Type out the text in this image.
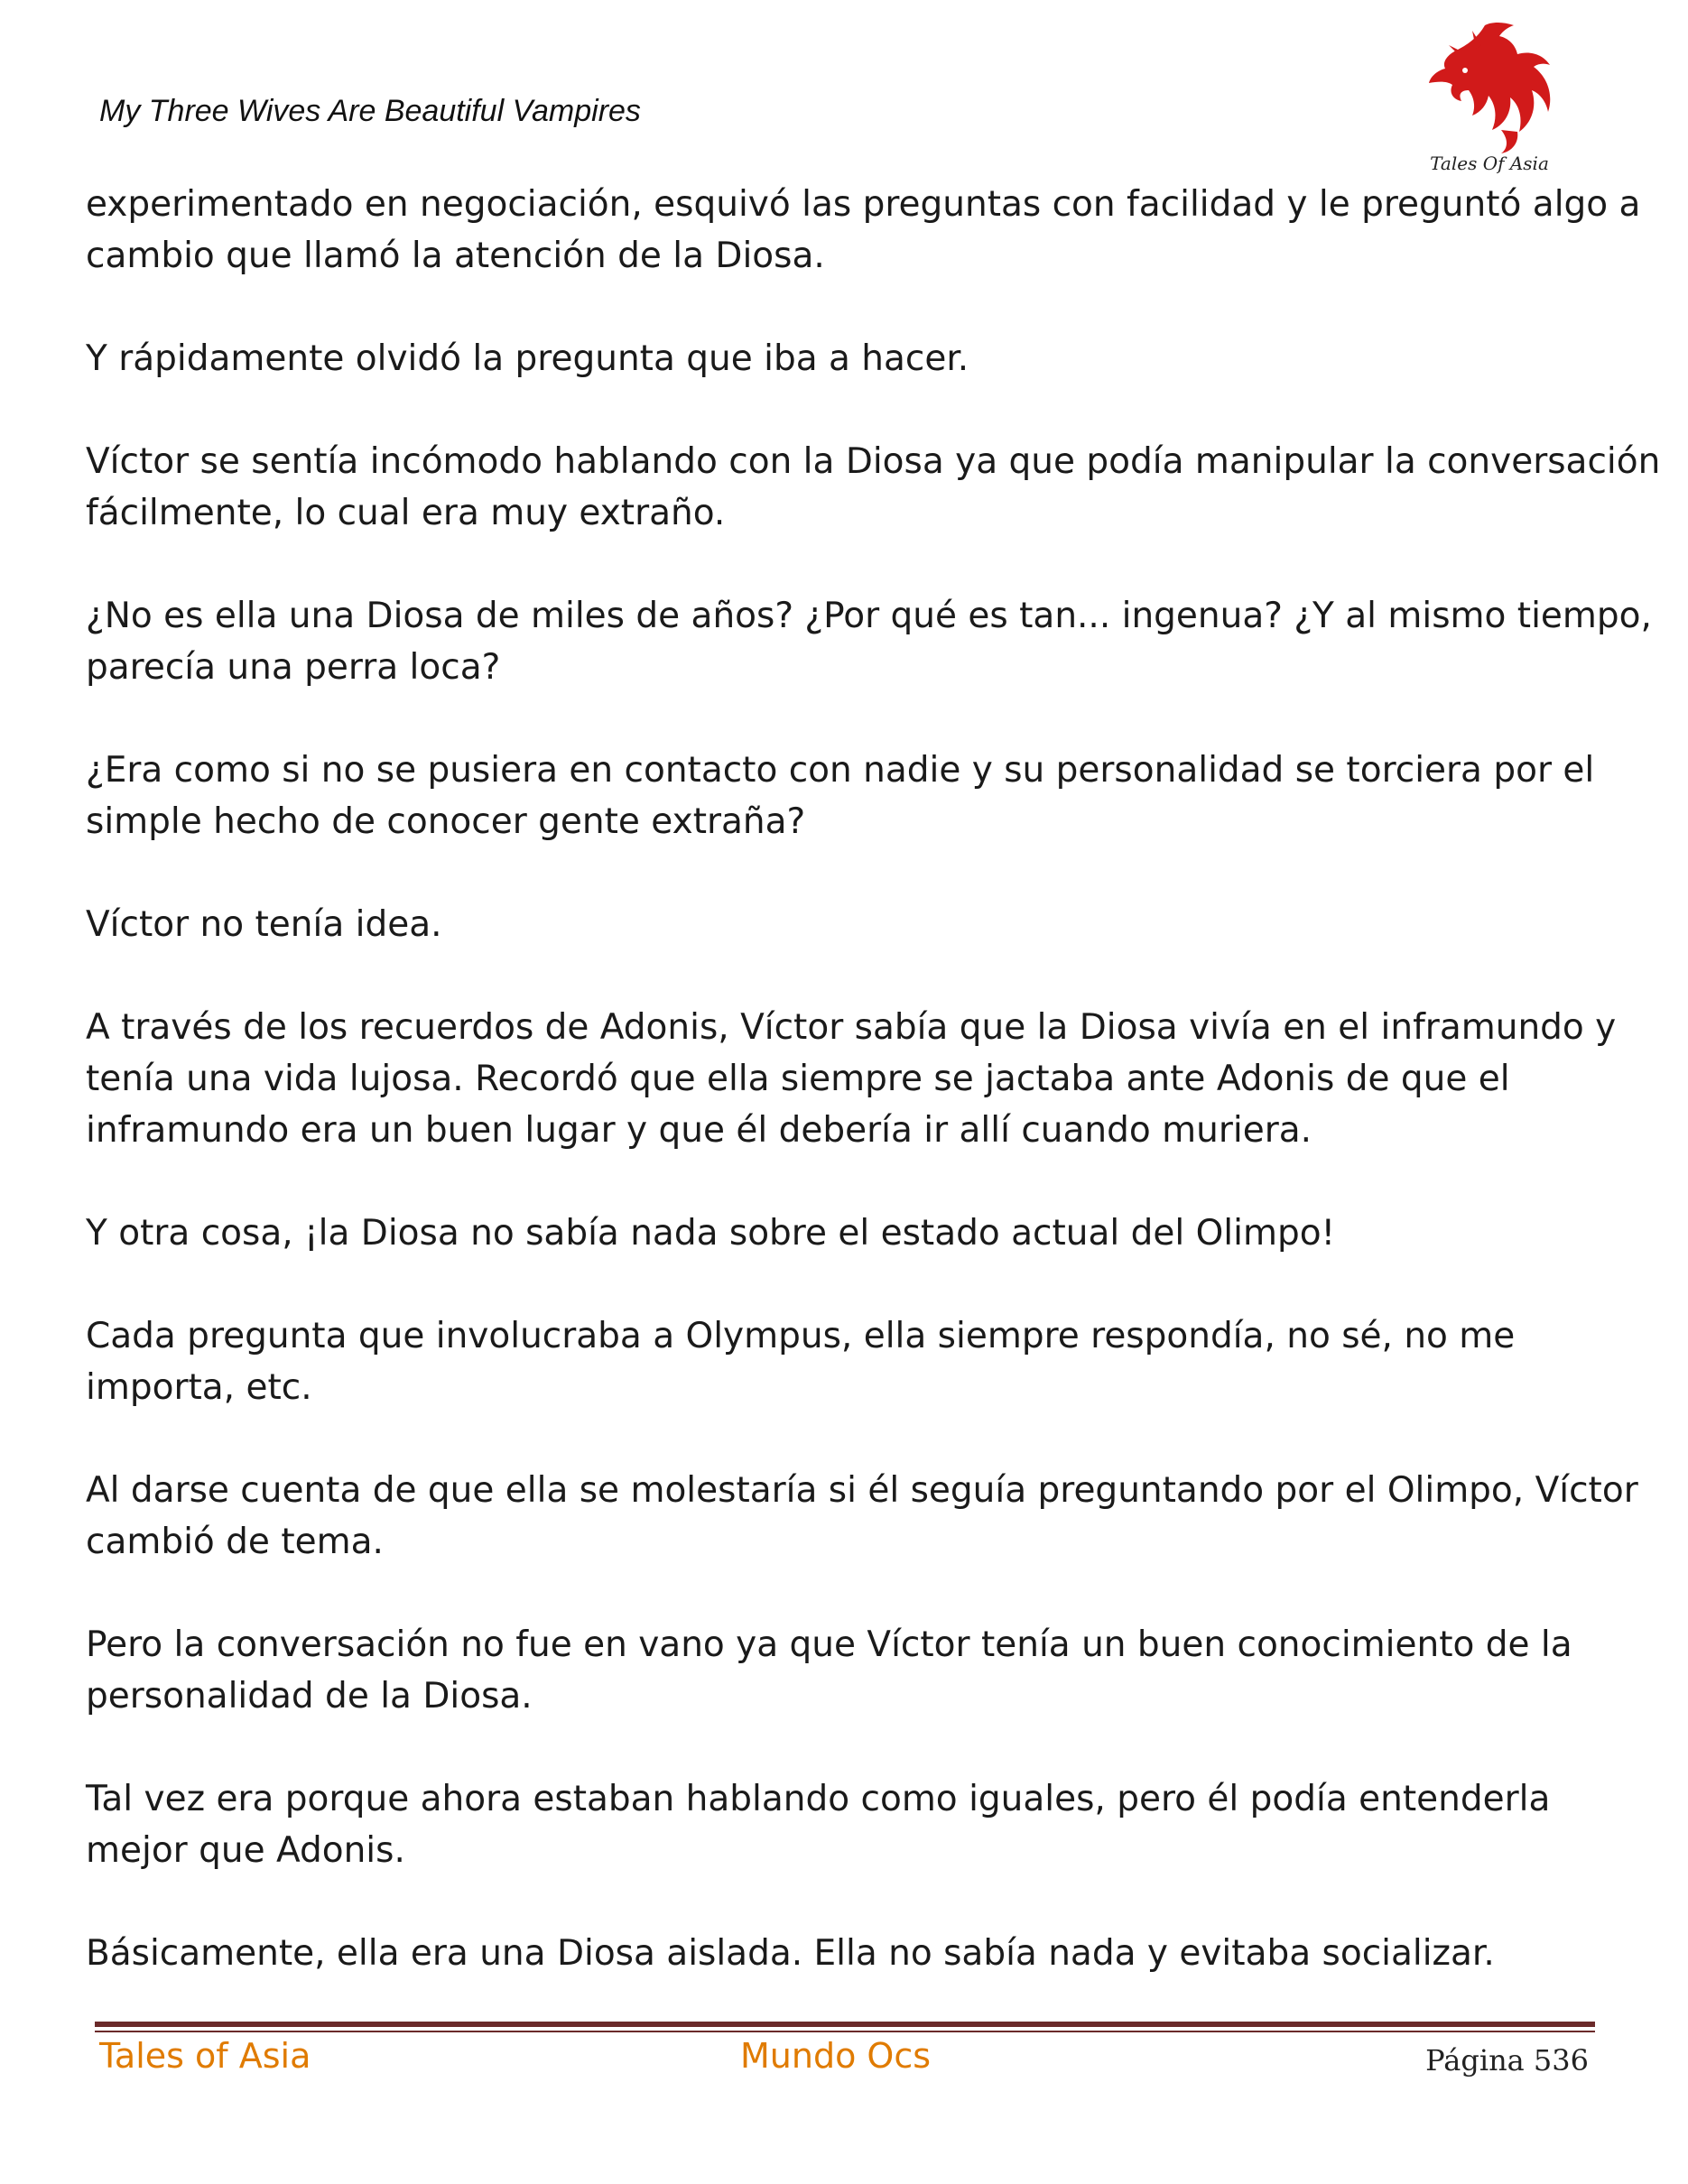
My Three Wives Are Beautiful Vampires
Tales Of Asia

experimentado en negociación, esquivó las preguntas con facilidad y le preguntó algo a
cambio que llamó la atención de la Diosa.

Y rápidamente olvidó la pregunta que iba a hacer.

Víctor se sentía incómodo hablando con la Diosa ya que podía manipular la conversación
fácilmente, lo cual era muy extraño.

¿No es ella una Diosa de miles de años? ¿Por qué es tan... ingenua? ¿Y al mismo tiempo,
parecía una perra loca?

¿Era como si no se pusiera en contacto con nadie y su personalidad se torciera por el
simple hecho de conocer gente extraña?

Víctor no tenía idea.

A través de los recuerdos de Adonis, Víctor sabía que la Diosa vivía en el inframundo y
tenía una vida lujosa. Recordó que ella siempre se jactaba ante Adonis de que el
inframundo era un buen lugar y que él debería ir allí cuando muriera.

Y otra cosa, ¡la Diosa no sabía nada sobre el estado actual del Olimpo!

Cada pregunta que involucraba a Olympus, ella siempre respondía, no sé, no me
importa, etc.

Al darse cuenta de que ella se molestaría si él seguía preguntando por el Olimpo, Víctor
cambió de tema.

Pero la conversación no fue en vano ya que Víctor tenía un buen conocimiento de la
personalidad de la Diosa.

Tal vez era porque ahora estaban hablando como iguales, pero él podía entenderla
mejor que Adonis.

Básicamente, ella era una Diosa aislada. Ella no sabía nada y evitaba socializar.

Tales of Asia	Mundo Ocs	Página 536
